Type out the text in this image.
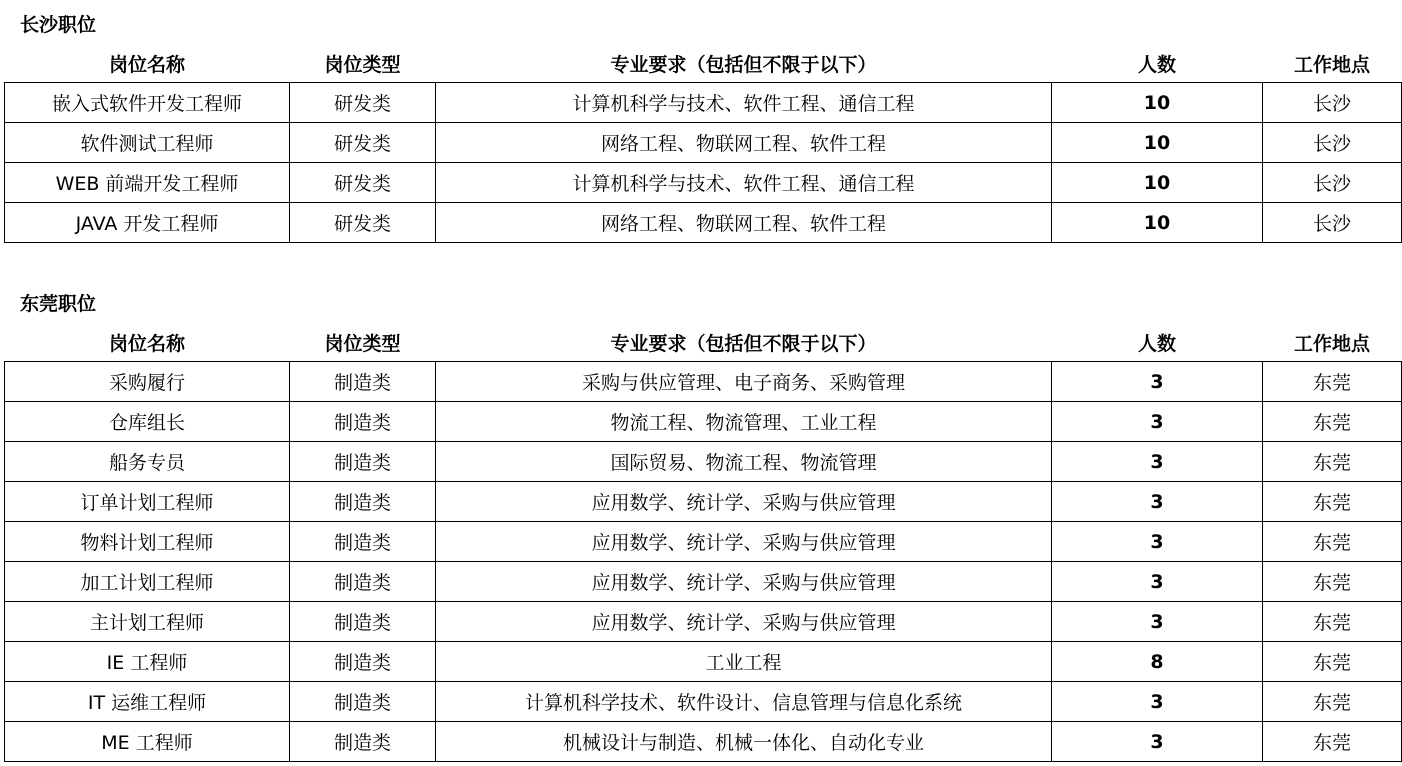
长沙职位
岗位名称	岗位类型	专业要求（包括但不限于以下）	人数	工作地点
嵌入式软件开发工程师	研发类	计算机科学与技术、软件工程、通信工程	10	长沙
软件测试工程师	研发类	网络工程、物联网工程、软件工程	10	长沙
WEB 前端开发工程师	研发类	计算机科学与技术、软件工程、通信工程	10	长沙
JAVA 开发工程师	研发类	网络工程、物联网工程、软件工程	10	长沙
东莞职位
岗位名称	岗位类型	专业要求（包括但不限于以下）	人数	工作地点
采购履行	制造类	采购与供应管理、电子商务、采购管理	3	东莞
仓库组长	制造类	物流工程、物流管理、工业工程	3	东莞
船务专员	制造类	国际贸易、物流工程、物流管理	3	东莞
订单计划工程师	制造类	应用数学、统计学、采购与供应管理	3	东莞
物料计划工程师	制造类	应用数学、统计学、采购与供应管理	3	东莞
加工计划工程师	制造类	应用数学、统计学、采购与供应管理	3	东莞
主计划工程师	制造类	应用数学、统计学、采购与供应管理	3	东莞
IE 工程师	制造类	工业工程	8	东莞
IT 运维工程师	制造类	计算机科学技术、软件设计、信息管理与信息化系统	3	东莞
ME 工程师	制造类	机械设计与制造、机械一体化、自动化专业	3	东莞
